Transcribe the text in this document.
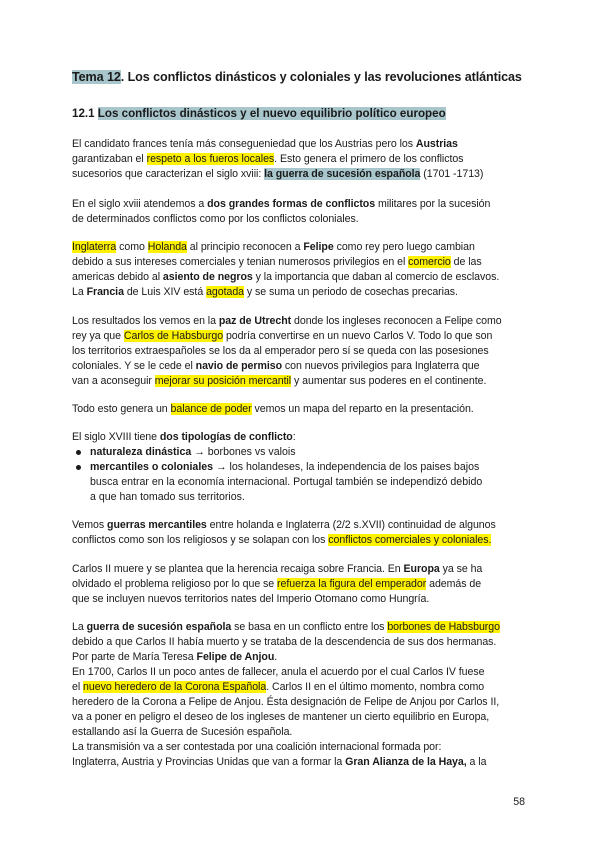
Tema 12. Los conflictos dinásticos y coloniales y las revoluciones atlánticas
12.1 Los conflictos dinásticos y el nuevo equilibrio político europeo
El candidato frances tenía más consegueniedad que los Austrias pero los Austrias
garantizaban el respeto a los fueros locales. Esto genera el primero de los conflictos
sucesorios que caracterizan el siglo xviii: la guerra de sucesión española (1701 -1713)
En el siglo xviii atendemos a dos grandes formas de conflictos militares por la sucesión
de determinados conflictos como por los conflictos coloniales.
Inglaterra como Holanda al principio reconocen a Felipe como rey pero luego cambian
debido a sus intereses comerciales y tenian numerosos privilegios en el comercio de las
americas debido al asiento de negros y la importancia que daban al comercio de esclavos.
La Francia de Luis XIV está agotada y se suma un periodo de cosechas precarias.
Los resultados los vemos en la paz de Utrecht donde los ingleses reconocen a Felipe como
rey ya que Carlos de Habsburgo podría convertirse en un nuevo Carlos V. Todo lo que son
los territorios extraespañoles se los da al emperador pero sí se queda con las posesiones
coloniales. Y se le cede el navio de permiso con nuevos privilegios para Inglaterra que
van a aconseguir mejorar su posición mercantil y aumentar sus poderes en el continente.
Todo esto genera un balance de poder vemos un mapa del reparto en la presentación.
El siglo XVIII tiene dos tipologías de conflicto:
naturaleza dinástica → borbones vs valois
mercantiles o coloniales → los holandeses, la independencia de los paises bajos
busca entrar en la economía internacional. Portugal también se independizó debido
a que han tomado sus territorios.
Vemos guerras mercantiles entre holanda e Inglaterra (2/2 s.XVII) continuidad de algunos
conflictos como son los religiosos y se solapan con los conflictos comerciales y coloniales.
Carlos II muere y se plantea que la herencia recaiga sobre Francia. En Europa ya se ha
olvidado el problema religioso por lo que se refuerza la figura del emperador además de
que se incluyen nuevos territorios nates del Imperio Otomano como Hungría.
La guerra de sucesión española se basa en un conflicto entre los borbones de Habsburgo
debido a que Carlos II había muerto y se trataba de la descendencia de sus dos hermanas.
Por parte de María Teresa Felipe de Anjou.
En 1700, Carlos II un poco antes de fallecer, anula el acuerdo por el cual Carlos IV fuese
el nuevo heredero de la Corona Española. Carlos II en el último momento, nombra como
heredero de la Corona a Felipe de Anjou. Ésta designación de Felipe de Anjou por Carlos II,
va a poner en peligro el deseo de los ingleses de mantener un cierto equilibrio en Europa,
estallando así la Guerra de Sucesión española.
La transmisión va a ser contestada por una coalición internacional formada por:
Inglaterra, Austria y Provincias Unidas que van a formar la Gran Alianza de la Haya, a la
58
